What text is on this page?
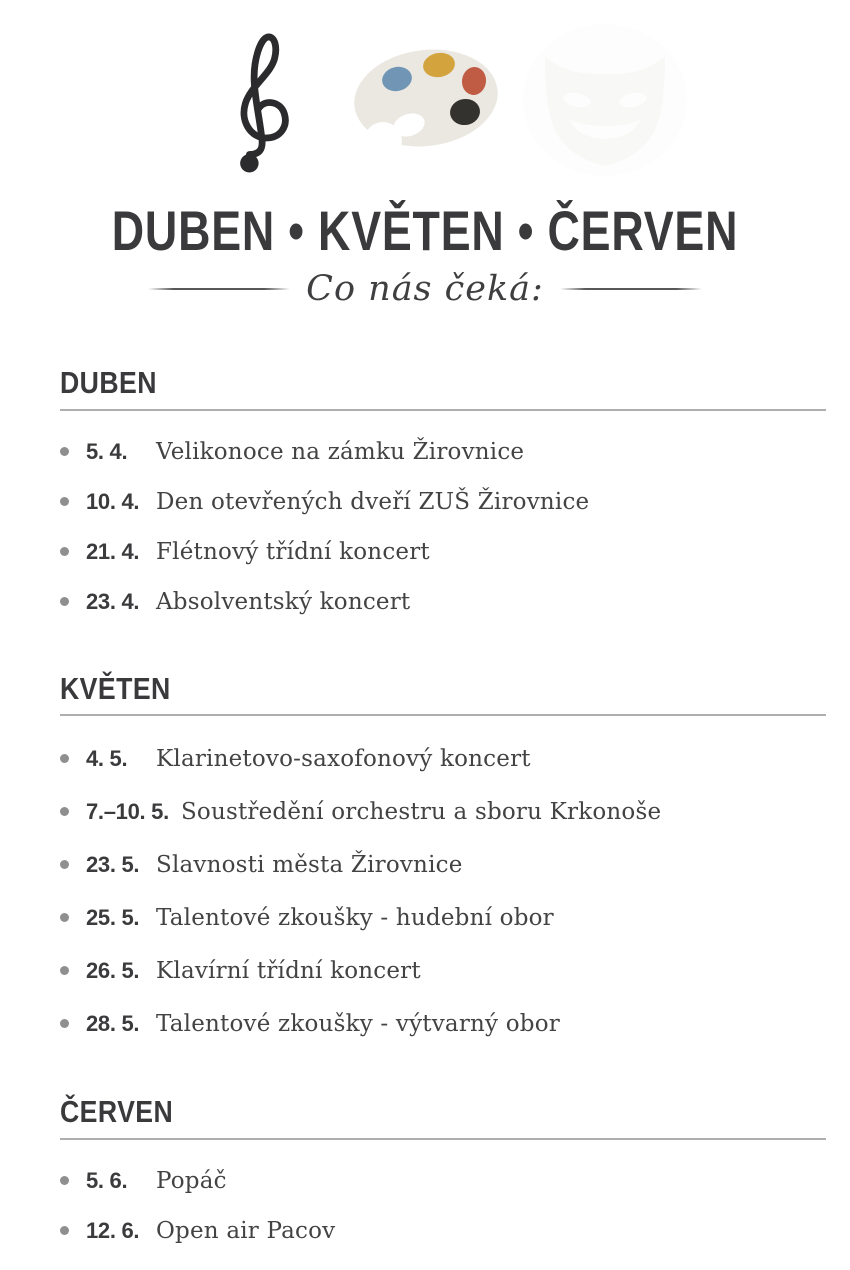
DUBEN • KVĚTEN • ČERVEN
Co nás čeká:
DUBEN
5. 4.	Velikonoce na zámku Žirovnice
10. 4. Den otevřených dveří ZUŠ Žirovnice
21. 4. Flétnový třídní koncert
23. 4. Absolventský koncert
KVĚTEN
4. 5.	Klarinetovo-saxofonový koncert
7.–10. 5. Soustředění orchestru a sboru Krkonoše
23. 5. Slavnosti města Žirovnice
25. 5. Talentové zkoušky - hudební obor
26. 5. Klavírní třídní koncert
28. 5. Talentové zkoušky - výtvarný obor
ČERVEN
5. 6.	Popáč
12. 6. Open air Pacov
